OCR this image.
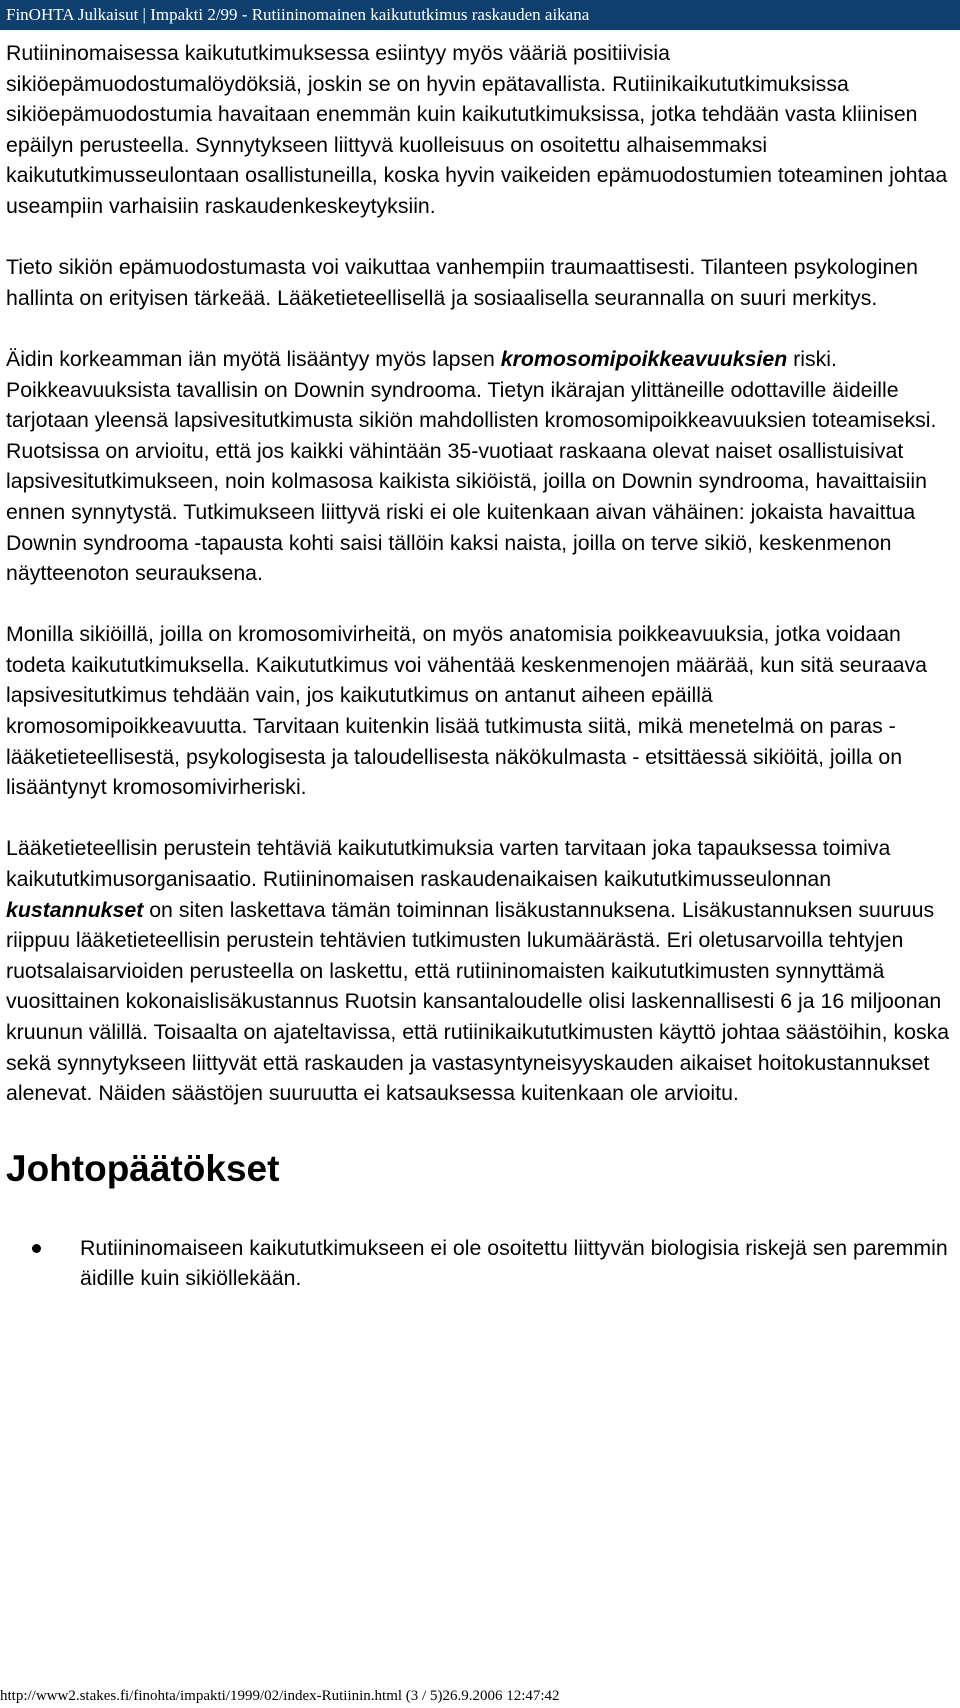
FinOHTA Julkaisut | Impakti 2/99 - Rutiininomainen kaikututkimus raskauden aikana

Rutiininomaisessa kaikututkimuksessa esiintyy myös vääriä positiivisia sikiöepämuodostumalöydöksiä, joskin se on hyvin epätavallista. Rutiinikaikututkimuksissa sikiöepämuodostumia havaitaan enemmän kuin kaikututkimuksissa, jotka tehdään vasta kliinisen epäilyn perusteella. Synnytykseen liittyvä kuolleisuus on osoitettu alhaisemmaksi kaikututkimusseulontaan osallistuneilla, koska hyvin vaikeiden epämuodostumien toteaminen johtaa useampiin varhaisiin raskaudenkeskeytyksiin.

Tieto sikiön epämuodostumasta voi vaikuttaa vanhempiin traumaattisesti. Tilanteen psykologinen hallinta on erityisen tärkeää. Lääketieteellisellä ja sosiaalisella seurannalla on suuri merkitys.

Äidin korkeamman iän myötä lisääntyy myös lapsen kromosomipoikkeavuuksien riski. Poikkeavuuksista tavallisin on Downin syndrooma. Tietyn ikärajan ylittäneille odottaville äideille tarjotaan yleensä lapsivesitutkimusta sikiön mahdollisten kromosomipoikkeavuuksien toteamiseksi. Ruotsissa on arvioitu, että jos kaikki vähintään 35-vuotiaat raskaana olevat naiset osallistuisivat lapsivesitutkimukseen, noin kolmasosa kaikista sikiöistä, joilla on Downin syndrooma, havaittaisiin ennen synnytystä. Tutkimukseen liittyvä riski ei ole kuitenkaan aivan vähäinen: jokaista havaittua Downin syndrooma -tapausta kohti saisi tällöin kaksi naista, joilla on terve sikiö, keskenmenon näytteenoton seurauksena.

Monilla sikiöillä, joilla on kromosomivirheitä, on myös anatomisia poikkeavuuksia, jotka voidaan todeta kaikututkimuksella. Kaikututkimus voi vähentää keskenmenojen määrää, kun sitä seuraava lapsivesitutkimus tehdään vain, jos kaikututkimus on antanut aiheen epäillä kromosomipoikkeavuutta. Tarvitaan kuitenkin lisää tutkimusta siitä, mikä menetelmä on paras - lääketieteellisestä, psykologisesta ja taloudellisesta näkökulmasta - etsittäessä sikiöitä, joilla on lisääntynyt kromosomivirheriski.

Lääketieteellisin perustein tehtäviä kaikututkimuksia varten tarvitaan joka tapauksessa toimiva kaikututkimusorganisaatio. Rutiininomaisen raskaudenaikaisen kaikututkimusseulonnan kustannukset on siten laskettava tämän toiminnan lisäkustannuksena. Lisäkustannuksen suuruus riippuu lääketieteellisin perustein tehtävien tutkimusten lukumäärästä. Eri oletusarvoilla tehtyjen ruotsalaisarvioiden perusteella on laskettu, että rutiininomaisten kaikututkimusten synnyttämä vuosittainen kokonaislisäkustannus Ruotsin kansantaloudelle olisi laskennallisesti 6 ja 16 miljoonan kruunun välillä. Toisaalta on ajateltavissa, että rutiinikaikututkimusten käyttö johtaa säästöihin, koska sekä synnytykseen liittyvät että raskauden ja vastasyntyneisyyskauden aikaiset hoitokustannukset alenevat. Näiden säästöjen suuruutta ei katsauksessa kuitenkaan ole arvioitu.

Johtopäätökset
Rutiininomaiseen kaikututkimukseen ei ole osoitettu liittyvän biologisia riskejä sen paremmin äidille kuin sikiölle​kään.
http://www2.stakes.fi/finohta/impakti/1999/02/index-Rutiinin.html (3 / 5)26.9.2006 12:47:42
